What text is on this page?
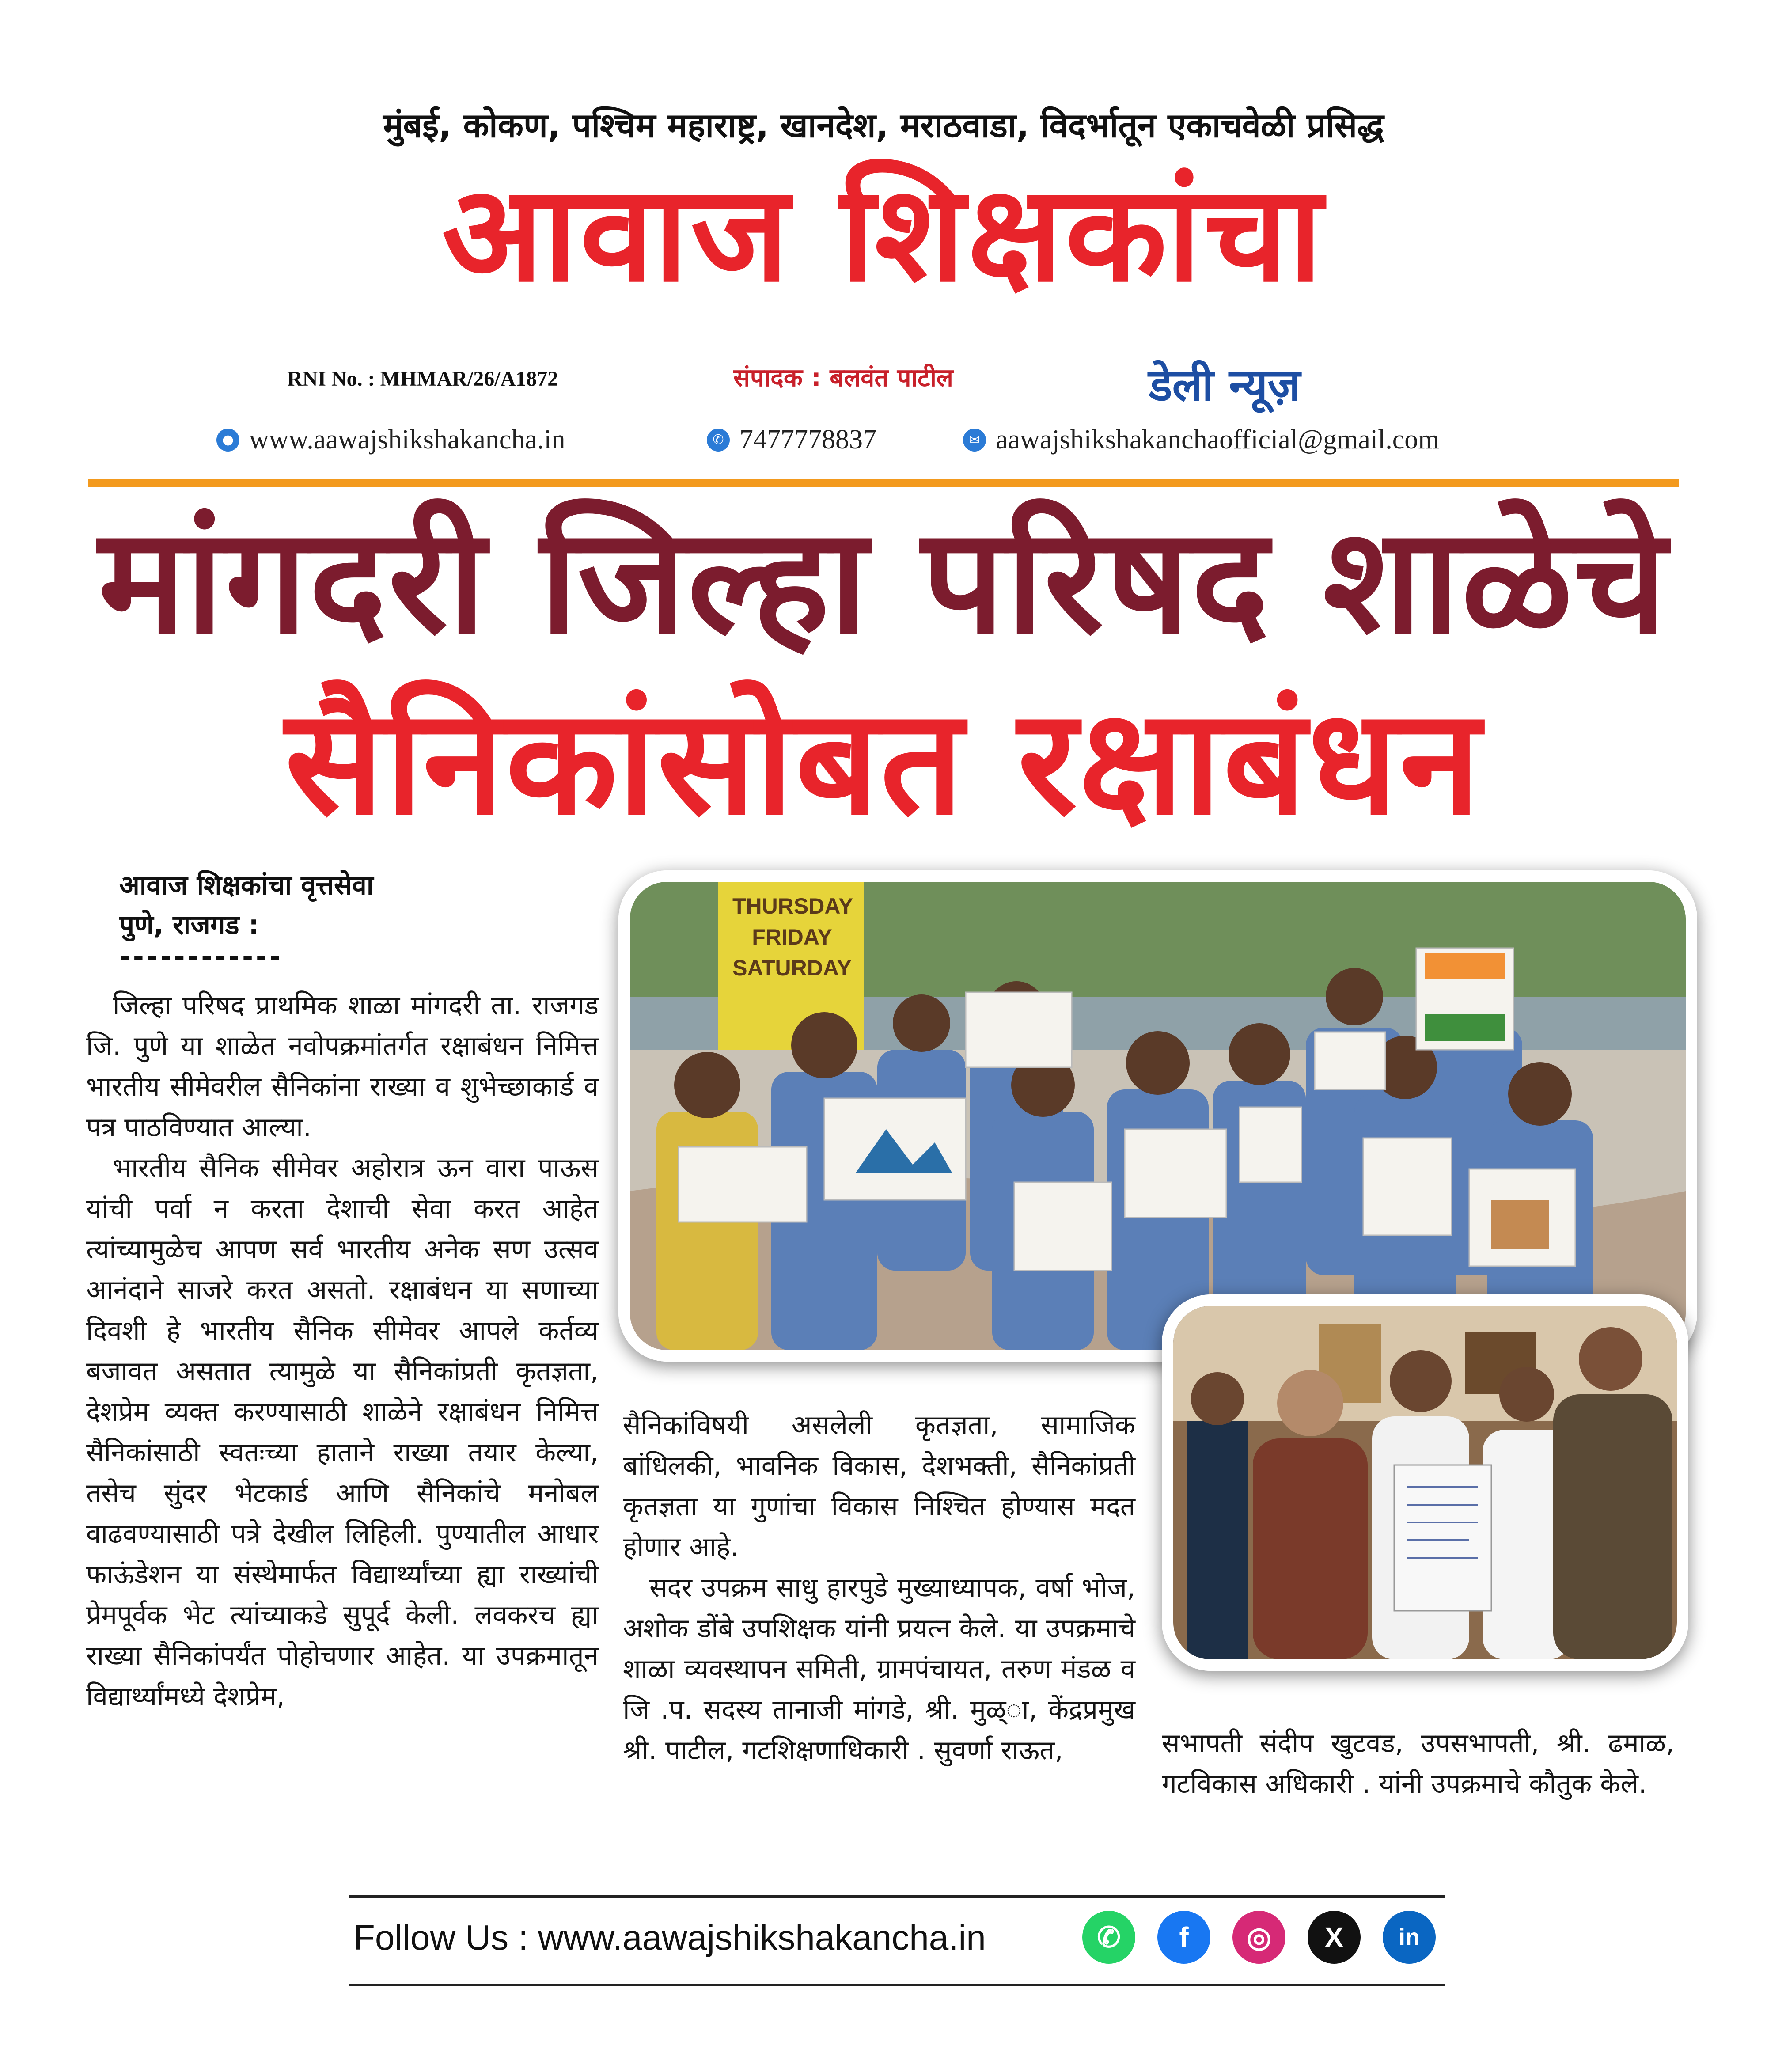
मुंबई, कोकण, पश्चिम महाराष्ट्र, खानदेश, मराठवाडा, विदर्भातून एकाचवेळी प्रसिद्ध
आवाज शिक्षकांचा
RNI No. : MHMAR/26/A1872	संपादक : बलवंत पाटील	डेली न्यूज़
● www.aawajshikshakancha.in	✆ 7477778837	✉ aawajshikshakanchaofficial@gmail.com
मांगदरी जिल्हा परिषद शाळेचे
सैनिकांसोबत रक्षाबंधन
आवाज शिक्षकांचा वृत्तसेवा
पुणे, राजगड :
------------

जिल्हा परिषद प्राथमिक शाळा मांगदरी ता. राजगड जि. पुणे या शाळेत नवोपक्रमांतर्गत रक्षाबंधन निमित्त भारतीय सीमेवरील सैनिकांना राख्या व शुभेच्छाकार्ड व पत्र पाठविण्यात आल्या.

भारतीय सैनिक सीमेवर अहोरात्र ऊन वारा पाऊस यांची पर्वा न करता देशाची सेवा करत आहेत त्यांच्यामुळेच आपण सर्व भारतीय अनेक सण उत्सव आनंदाने साजरे करत असतो. रक्षाबंधन या सणाच्या दिवशी हे भारतीय सैनिक सीमेवर आपले कर्तव्य बजावत असतात त्यामुळे या सैनिकांप्रती कृतज्ञता, देशप्रेम व्यक्त करण्यासाठी शाळेने रक्षाबंधन निमित्त सैनिकांसाठी स्वतःच्या हाताने राख्या तयार केल्या, तसेच सुंदर भेटकार्ड आणि सैनिकांचे मनोबल वाढवण्यासाठी पत्रे देखील लिहिली. पुण्यातील आधार फाऊंडेशन या संस्थेमार्फत विद्यार्थ्यांच्या ह्या राख्यांची प्रेमपूर्वक भेट त्यांच्याकडे सुपूर्द केली. लवकरच ह्या राख्या सैनिकांपर्यंत पोहोचणार आहेत. या उपक्रमातून विद्यार्थ्यांमध्ये देशप्रेम,

सैनिकांविषयी असलेली कृतज्ञता, सामाजिक बांधिलकी, भावनिक विकास, देशभक्ती, सैनिकांप्रती कृतज्ञता या गुणांचा विकास निश्चित होण्यास मदत होणार आहे.

सदर उपक्रम साधु हारपुडे मुख्याध्यापक, वर्षा भोज, अशोक डोंबे उपशिक्षक यांनी प्रयत्न केले. या उपक्रमाचे शाळा व्यवस्थापन समिती, ग्रामपंचायत, तरुण मंडळ व जि .प. सदस्य तानाजी मांगडे, श्री. मुळ्ा, केंद्रप्रमुख श्री. पाटील, गटशिक्षणाधिकारी . सुवर्णा राऊत,	सभापती संदीप खुटवड, उपसभापती, श्री. ढमाळ, गटविकास अधिकारी . यांनी उपक्रमाचे कौतुक केले.

THURSDAY
FRIDAY
SATURDAY
Follow Us : www.aawajshikshakancha.in	✆	f	◎	X	in
